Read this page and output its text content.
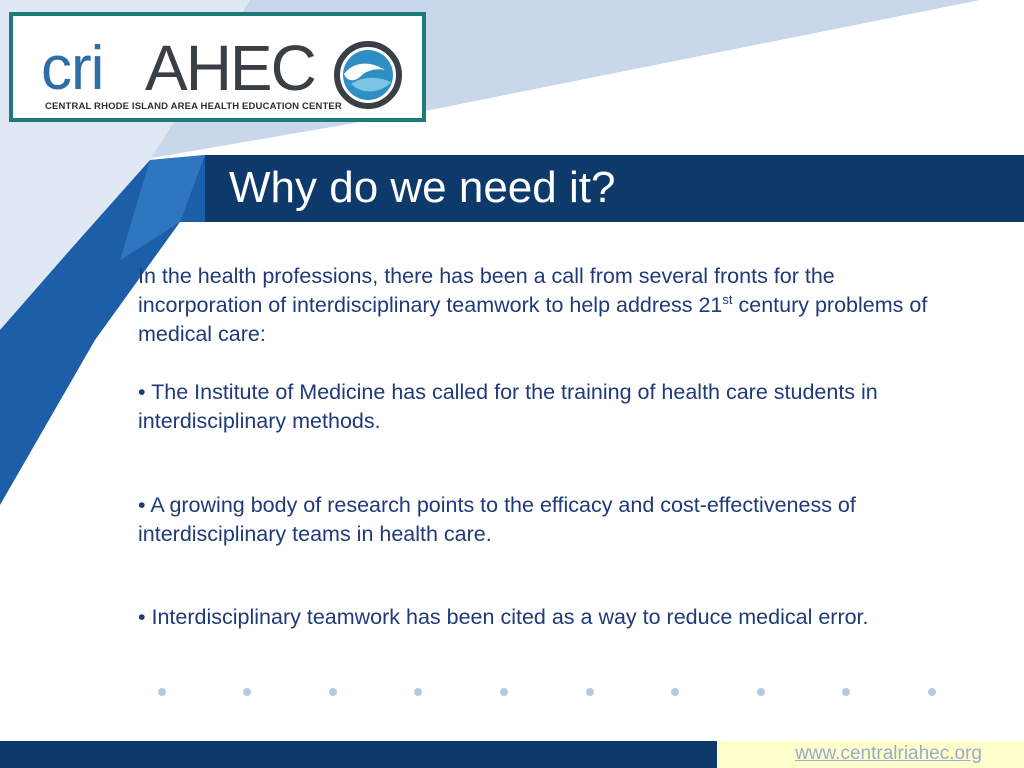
cri AHEC
CENTRAL RHODE ISLAND AREA HEALTH EDUCATION CENTER
Why do we need it?
In the health professions, there has been a call from several fronts for the incorporation of interdisciplinary teamwork to help address 21st century problems of medical care:
• The Institute of Medicine has called for the training of health care students in interdisciplinary methods.
• A growing body of research points to the efficacy and cost-effectiveness of interdisciplinary teams in health care.
• Interdisciplinary teamwork has been cited as a way to reduce medical error.
www.centralriahec.org
